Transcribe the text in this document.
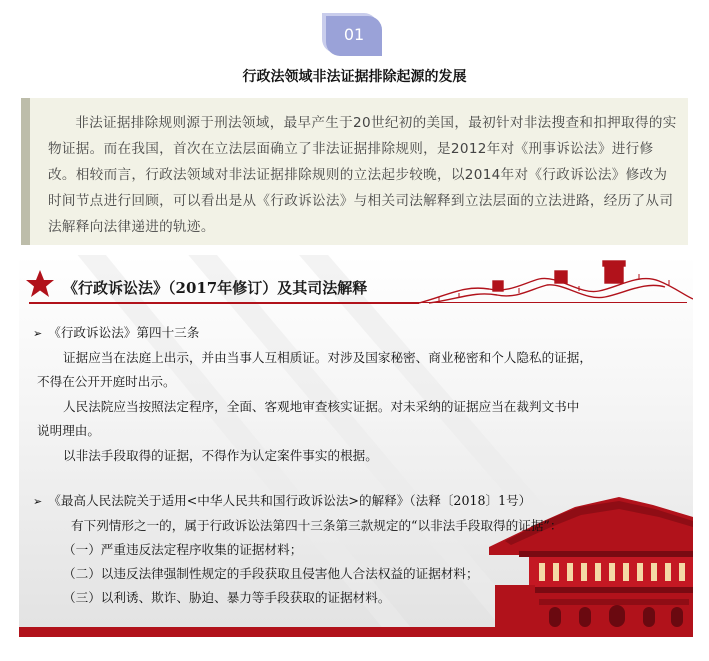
01
行政法领域非法证据排除起源的发展
非法证据排除规则源于刑法领域，最早产生于20世纪初的美国，最初针对非法搜查和扣押取得的实物证据。而在我国，首次在立法层面确立了非法证据排除规则，是2012年对《刑事诉讼法》进行修改。相较而言，行政法领域对非法证据排除规则的立法起步较晚，以2014年对《行政诉讼法》修改为时间节点进行回顾，可以看出是从《行政诉讼法》与相关司法解释到立法层面的立法进路，经历了从司法解释向法律递进的轨迹。
《行政诉讼法》（2017年修订）及其司法解释
➢ 《行政诉讼法》第四十三条
证据应当在法庭上出示，并由当事人互相质证。对涉及国家秘密、商业秘密和个人隐私的证据，
不得在公开开庭时出示。
人民法院应当按照法定程序，全面、客观地审查核实证据。对未采纳的证据应当在裁判文书中
说明理由。
以非法手段取得的证据，不得作为认定案件事实的根据。
➢ 《最高人民法院关于适用<中华人民共和国行政诉讼法>的解释》（法释〔2018〕1号）
有下列情形之一的，属于行政诉讼法第四十三条第三款规定的“以非法手段取得的证据”：
（一）严重违反法定程序收集的证据材料；
（二）以违反法律强制性规定的手段获取且侵害他人合法权益的证据材料；
（三）以利诱、欺诈、胁迫、暴力等手段获取的证据材料。
